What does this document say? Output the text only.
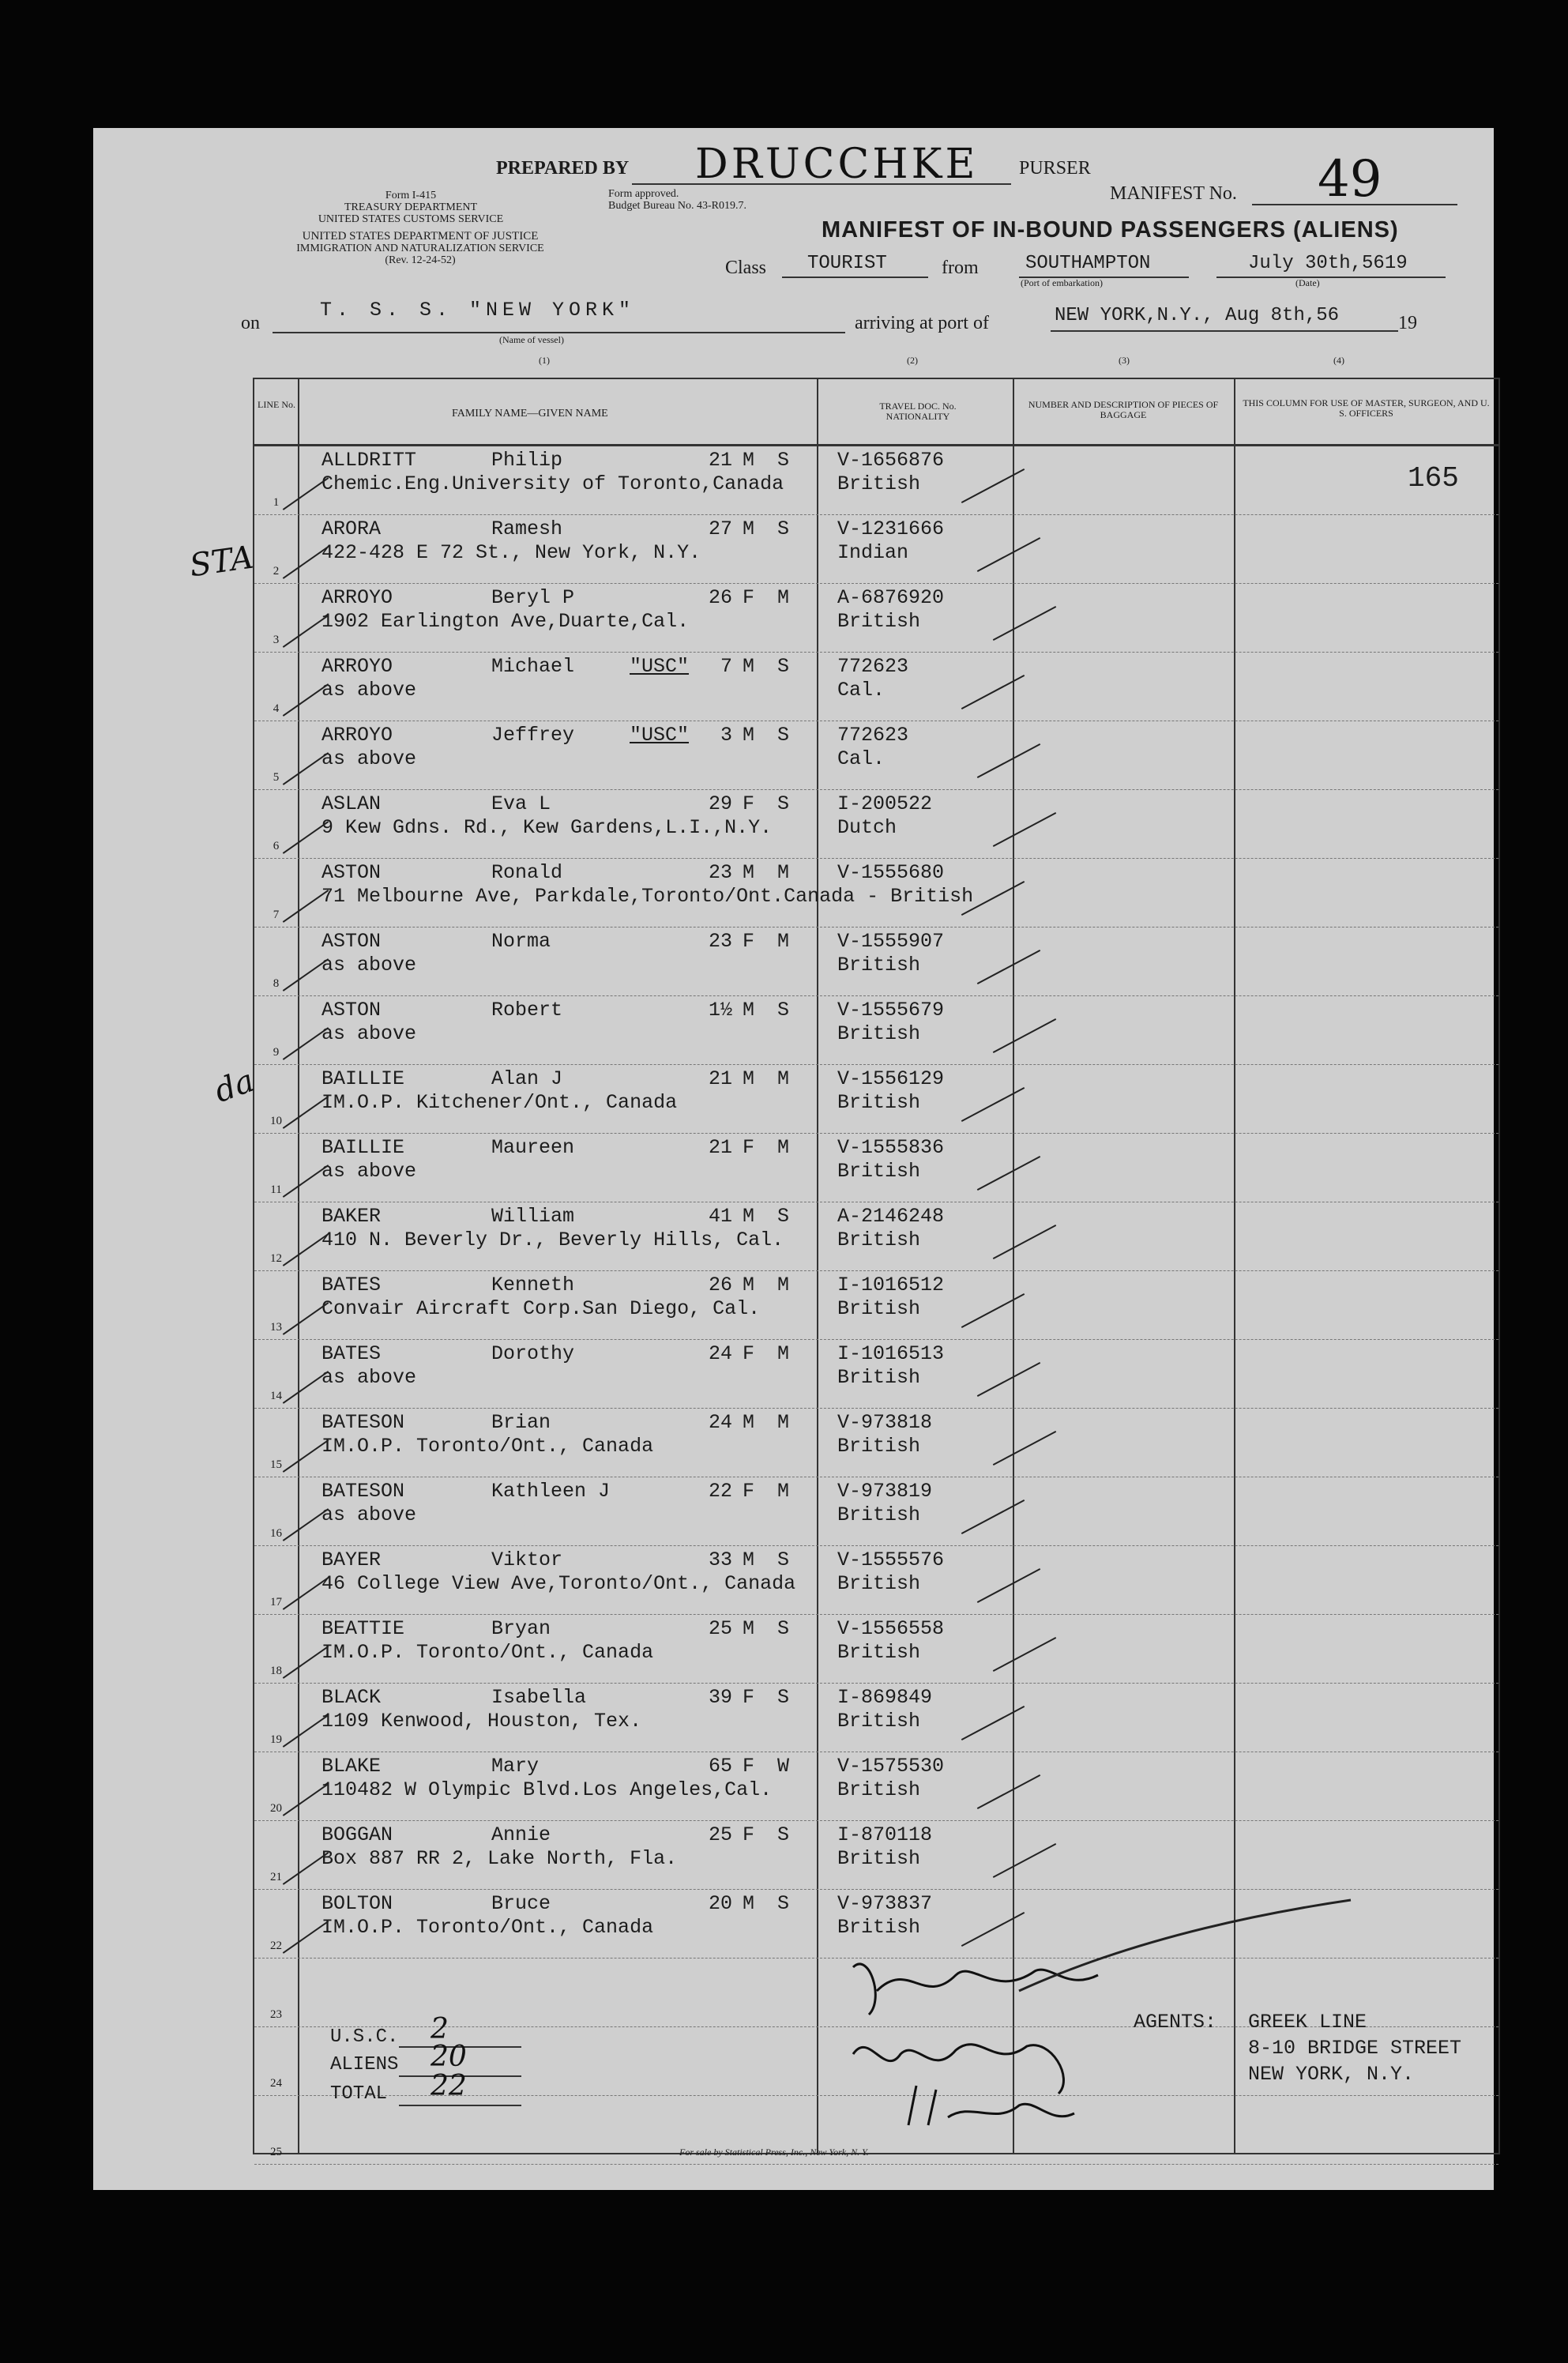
PREPARED BY DRUCCHKE PURSER
Form I-415
TREASURY DEPARTMENT
UNITED STATES CUSTOMS SERVICE
Form approved.
Budget Bureau No. 43-R019.7.
UNITED STATES DEPARTMENT OF JUSTICE
IMMIGRATION AND NATURALIZATION SERVICE
(Rev. 12-24-52)
MANIFEST No. 49
MANIFEST OF IN-BOUND PASSENGERS (ALIENS)
Class TOURIST	from SOUTHAMPTON
(Port of embarkation)
July 30th,5619
(Date)
on
T. S. S. "NEW YORK"
(Name of vessel)
arriving at port of	NEW YORK,N.Y., Aug 8th,56	19
(1)	(2)	(3)	(4)
LINE No.
FAMILY NAME—GIVEN NAME
TRAVEL DOC. No. NATIONALITY
NUMBER AND DESCRIPTION OF PIECES OF BAGGAGE
THIS COLUMN FOR USE OF MASTER, SURGEON, AND U. S. OFFICERS
165
1
ALLDRITT	Philip	21 M S
Chemic.Eng.University of Toronto,Canada
V-1656876
British
2
ARORA	Ramesh	27 M S
422-428 E 72 St., New York, N.Y.
V-1231666
Indian
3
ARROYO	Beryl P	26 F M
1902 Earlington Ave,Duarte,Cal.
A-6876920
British
4
ARROYO	Michael	"USC"	7 M S
as above
772623
Cal.
5
ARROYO	Jeffrey	"USC"	3 M S
as above
772623
Cal.
6
ASLAN	Eva L	29 F S
9 Kew Gdns. Rd., Kew Gardens,L.I.,N.Y.
I-200522
Dutch
7
ASTON	Ronald	23 M M
71 Melbourne Ave, Parkdale,Toronto/Ont.Canada - British
V-1555680
8
ASTON	Norma	23 F M
as above
V-1555907
British
9
ASTON	Robert	1½ M S
as above
V-1555679
British
10
BAILLIE	Alan J	21 M M
IM.O.P. Kitchener/Ont., Canada
V-1556129
British
11
BAILLIE	Maureen	21 F M
as above
V-1555836
British
12
BAKER	William	41 M S
410 N. Beverly Dr., Beverly Hills, Cal.
A-2146248
British
13
BATES	Kenneth	26 M M
Convair Aircraft Corp.San Diego, Cal.
I-1016512
British
14
BATES	Dorothy	24 F M
as above
I-1016513
British
15
BATESON	Brian	24 M M
IM.O.P. Toronto/Ont., Canada
V-973818
British
16
BATESON	Kathleen J	22 F M
as above
V-973819
British
17
BAYER	Viktor	33 M S
46 College View Ave,Toronto/Ont., Canada
V-1555576
British
18
BEATTIE	Bryan	25 M S
IM.O.P. Toronto/Ont., Canada
V-1556558
British
19
BLACK	Isabella	39 F S
1109 Kenwood, Houston, Tex.
I-869849
British
20
BLAKE	Mary	65 F W
110482 W Olympic Blvd.Los Angeles,Cal.
V-1575530
British
21
BOGGAN	Annie	25 F S
Box 887 RR 2, Lake North, Fla.
I-870118
British
22
BOLTON	Bruce	20 M S
IM.O.P. Toronto/Ont., Canada
V-973837
British
23
24
25
U.S.C. 2
ALIENS 20
TOTAL 22
AGENTS: GREEK LINE
8-10 BRIDGE STREET
NEW YORK, N.Y.
STA
da
For sale by Statistical Press, Inc., New York, N. Y.
